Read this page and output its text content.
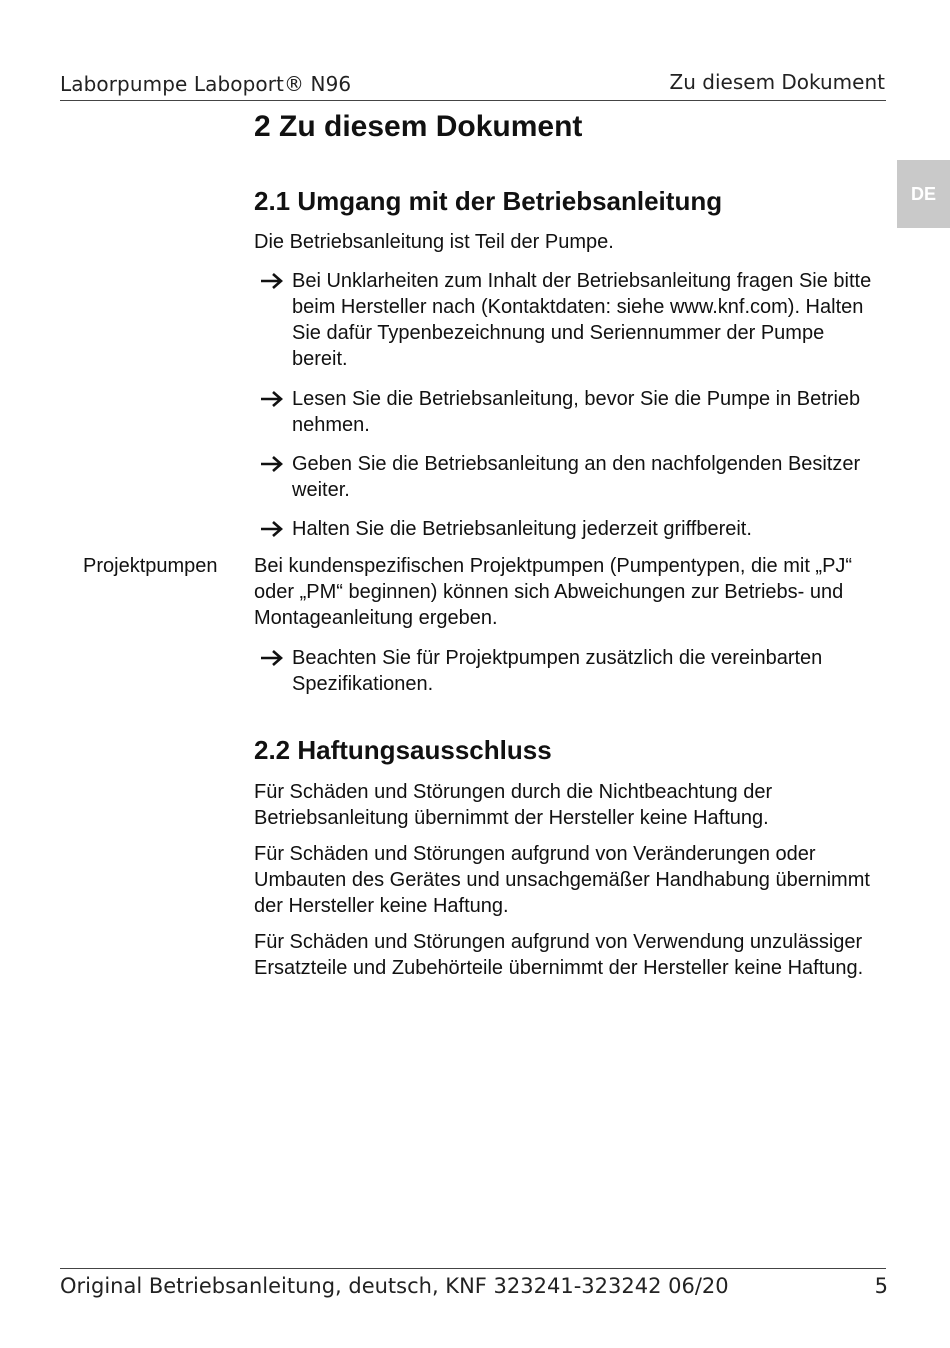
Laborpumpe Laboport® N96	Zu diesem Dokument
DE
2 Zu diesem Dokument
2.1 Umgang mit der Betriebsanleitung

Die Betriebsanleitung ist Teil der Pumpe.

Bei Unklarheiten zum Inhalt der Betriebsanleitung fragen Sie bitte beim Hersteller nach (Kontaktdaten: siehe www.knf.com). Halten Sie dafür Typenbezeichnung und Seriennummer der Pumpe bereit.
Lesen Sie die Betriebsanleitung, bevor Sie die Pumpe in Betrieb nehmen.
Geben Sie die Betriebsanleitung an den nachfolgenden Besitzer weiter.
Halten Sie die Betriebsanleitung jederzeit griffbereit.
Projektpumpen Bei kundenspezifischen Projektpumpen (Pumpentypen, die mit „PJ“ oder „PM“ beginnen) können sich Abweichungen zur Betriebs- und Montageanleitung ergeben.

Beachten Sie für Projektpumpen zusätzlich die vereinbarten Spezifikationen.
2.2 Haftungsausschluss

Für Schäden und Störungen durch die Nichtbeachtung der Betriebsanleitung übernimmt der Hersteller keine Haftung.

Für Schäden und Störungen aufgrund von Veränderungen oder Umbauten des Gerätes und unsachgemäßer Handhabung übernimmt der Hersteller keine Haftung.

Für Schäden und Störungen aufgrund von Verwendung unzulässiger Ersatzteile und Zubehörteile übernimmt der Hersteller keine Haftung.

Original Betriebsanleitung, deutsch, KNF 323241-323242 06/20	5
